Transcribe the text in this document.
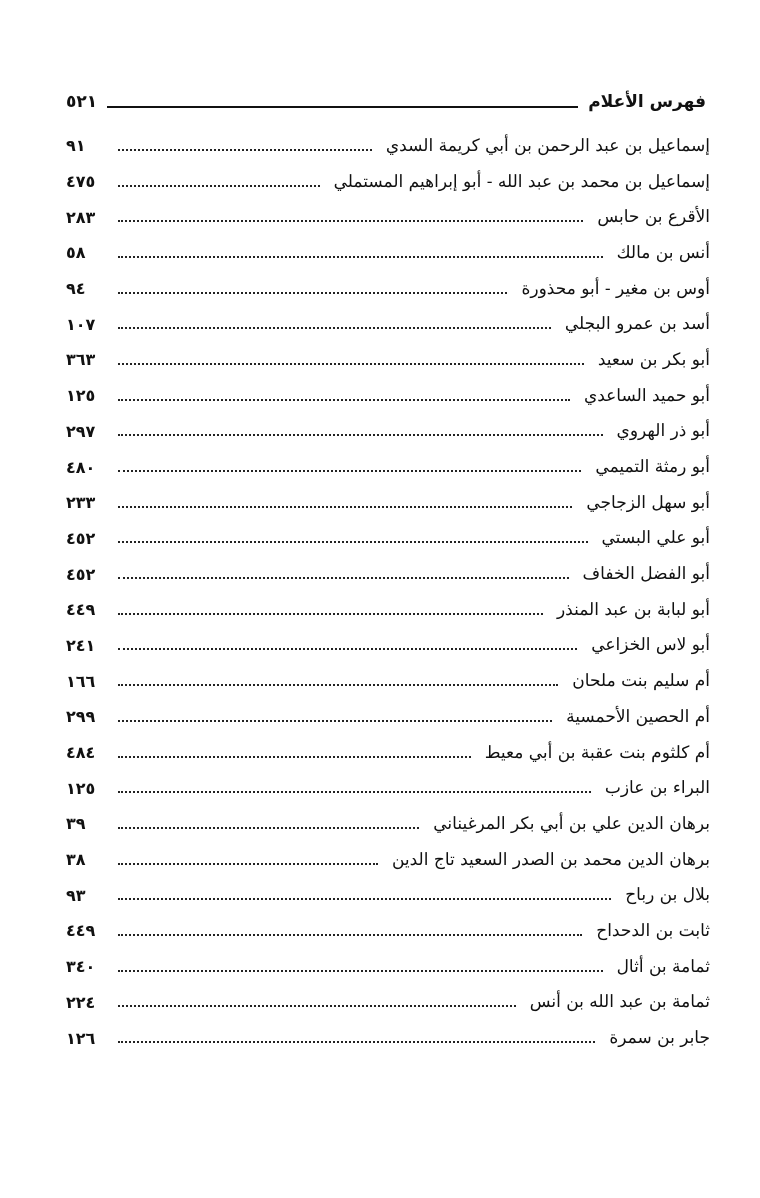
فهرس الأعلام
٥٢١
إسماعيل بن عبد الرحمن بن أبي كريمة السدي
٩١
إسماعيل بن محمد بن عبد الله - أبو إبراهيم المستملي
٤٧٥
الأقرع بن حابس
٢٨٣
أنس بن مالك
٥٨
أوس بن مغير - أبو محذورة
٩٤
أسد بن عمرو البجلي
١٠٧
أبو بكر بن سعيد
٣٦٣
أبو حميد الساعدي
١٢٥
أبو ذر الهروي
٢٩٧
أبو رمثة التميمي
٤٨٠
أبو سهل الزجاجي
٢٣٣
أبو علي البستي
٤٥٢
أبو الفضل الخفاف
٤٥٢
أبو لبابة بن عبد المنذر
٤٤٩
أبو لاس الخزاعي
٢٤١
أم سليم بنت ملحان
١٦٦
أم الحصين الأحمسية
٢٩٩
أم كلثوم بنت عقبة بن أبي معيط
٤٨٤
البراء بن عازب
١٢٥
برهان الدين علي بن أبي بكر المرغيناني
٣٩
برهان الدين محمد بن الصدر السعيد تاج الدين
٣٨
بلال بن رباح
٩٣
ثابت بن الدحداح
٤٤٩
ثمامة بن أثال
٣٤٠
ثمامة بن عبد الله بن أنس
٢٢٤
جابر بن سمرة
١٢٦
